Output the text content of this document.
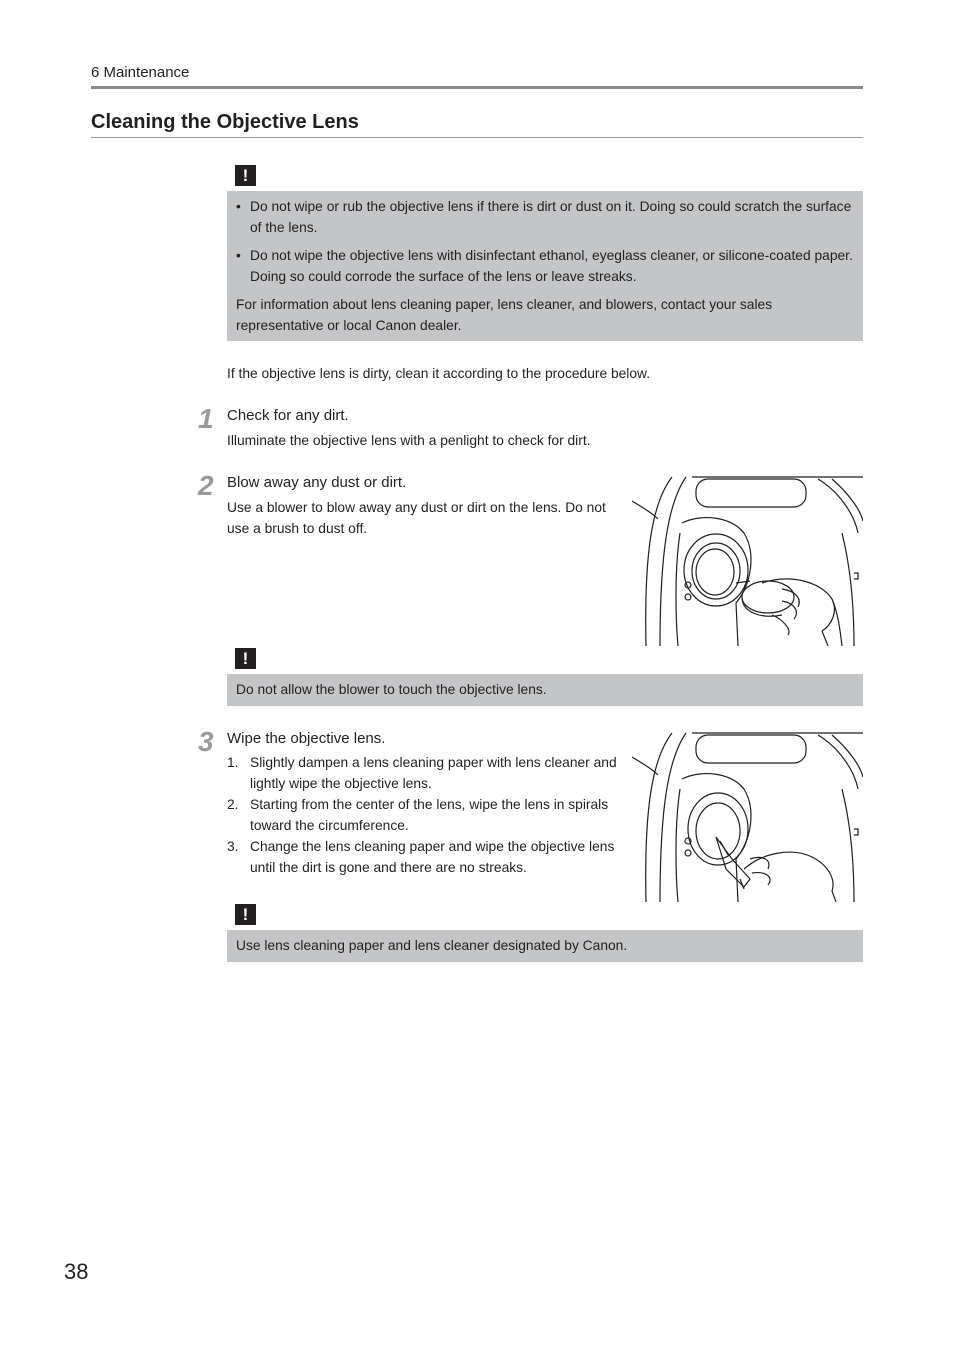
6 Maintenance
Cleaning the Objective Lens
!
• Do not wipe or rub the objective lens if there is dirt or dust on it. Doing so could scratch the surface of the lens.
• Do not wipe the objective lens with disinfectant ethanol, eyeglass cleaner, or silicone-coated paper. Doing so could corrode the surface of the lens or leave streaks.

For information about lens cleaning paper, lens cleaner, and blowers, contact your sales representative or local Canon dealer.

If the objective lens is dirty, clean it according to the procedure below.
1 Check for any dirt.
Illuminate the objective lens with a penlight to check for dirt.
2 Blow away any dust or dirt.
Use a blower to blow away any dust or dirt on the lens. Do not use a brush to dust off.
!

Do not allow the blower to touch the objective lens.

3 Wipe the objective lens.
1. Slightly dampen a lens cleaning paper with lens cleaner and lightly wipe the objective lens.
2. Starting from the center of the lens, wipe the lens in spirals toward the circumference.
3. Change the lens cleaning paper and wipe the objective lens until the dirt is gone and there are no streaks.
!

Use lens cleaning paper and lens cleaner designated by Canon.

38
